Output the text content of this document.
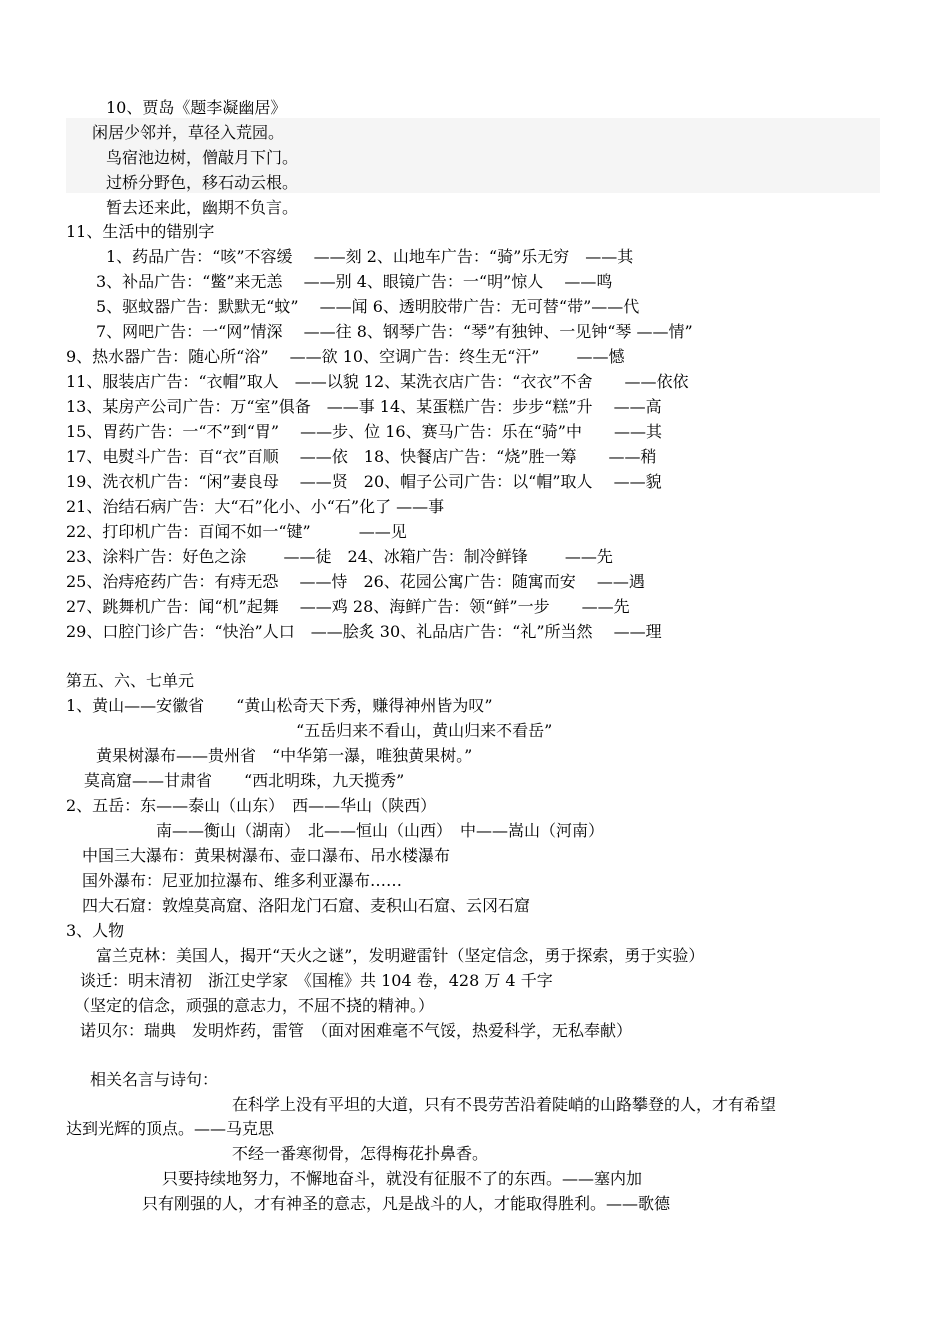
10、贾岛《题李凝幽居》
闲居少邻并，草径入荒园。
鸟宿池边树，僧敲月下门。
过桥分野色，移石动云根。
暂去还来此，幽期不负言。
11、生活中的错别字
1、药品广告：“咳”不容缓　 ——刻 2、山地车广告：“骑”乐无穷　——其
3、补品广告：“鳖”来无恙　 ——别 4、眼镜广告：一“明”惊人　 ——鸣
5、驱蚊器广告：默默无“蚊”　 ——闻 6、透明胶带广告：无可替“带”——代
7、网吧广告：一“网”情深　 ——往 8、钢琴广告：“琴”有独钟、一见钟“琴 ——情”
9、热水器广告：随心所“浴”　 ——欲 10、空调广告：终生无“汗”　　 ——憾
11、服装店广告：“衣帽”取人　——以貌 12、某洗衣店广告：“衣衣”不舍　　——依依
13、某房产公司广告：万“室”俱备　——事 14、某蛋糕广告：步步“糕”升　 ——高
15、胃药广告：一“不”到“胃”　 ——步、位 16、赛马广告：乐在“骑”中　　——其
17、电熨斗广告：百“衣”百顺　 ——依　18、快餐店广告：“烧”胜一筹　　——稍
19、洗衣机广告：“闲”妻良母　 ——贤　20、帽子公司广告：以“帽”取人　 ——貌
21、治结石病广告：大“石”化小、小“石”化了 ——事
22、打印机广告：百闻不如一“键”　　　——见
23、涂料广告：好色之涂　　 ——徒　24、冰箱广告：制冷鲜锋　　 ——先
25、治痔疮药广告：有痔无恐　 ——恃　26、花园公寓广告：随寓而安　 ——遇
27、跳舞机广告：闻“机”起舞　 ——鸡 28、海鲜广告：领“鲜”一步　　——先
29、口腔门诊广告：“快治”人口　——脍炙 30、礼品店广告：“礼”所当然　 ——理
第五、六、七单元
1、黄山——安徽省　　“黄山松奇天下秀，赚得神州皆为叹”
“五岳归来不看山，黄山归来不看岳”
黄果树瀑布——贵州省　“中华第一瀑，唯独黄果树。”
莫高窟——甘肃省　　“西北明珠，九天揽秀”
2、五岳：东——泰山（山东）　西——华山（陕西）
南——衡山（湖南）　北——恒山（山西）　中——嵩山（河南）
中国三大瀑布：黄果树瀑布、壶口瀑布、吊水楼瀑布
国外瀑布：尼亚加拉瀑布、维多利亚瀑布……
四大石窟：敦煌莫高窟、洛阳龙门石窟、麦积山石窟、云冈石窟
3、人物
富兰克林：美国人，揭开“天火之谜”，发明避雷针（坚定信念，勇于探索，勇于实验）
谈迁：明末清初　浙江史学家　《国榷》共 104 卷，428 万 4 千字
（坚定的信念，顽强的意志力，不屈不挠的精神。）
诺贝尔：瑞典　发明炸药，雷管　（面对困难毫不气馁，热爱科学，无私奉献）
相关名言与诗句：
在科学上没有平坦的大道，只有不畏劳苦沿着陡峭的山路攀登的人，才有希望
达到光辉的顶点。——马克思
不经一番寒彻骨，怎得梅花扑鼻香。
只要持续地努力，不懈地奋斗，就没有征服不了的东西。——塞内加
只有刚强的人，才有神圣的意志，凡是战斗的人，才能取得胜利。——歌德
